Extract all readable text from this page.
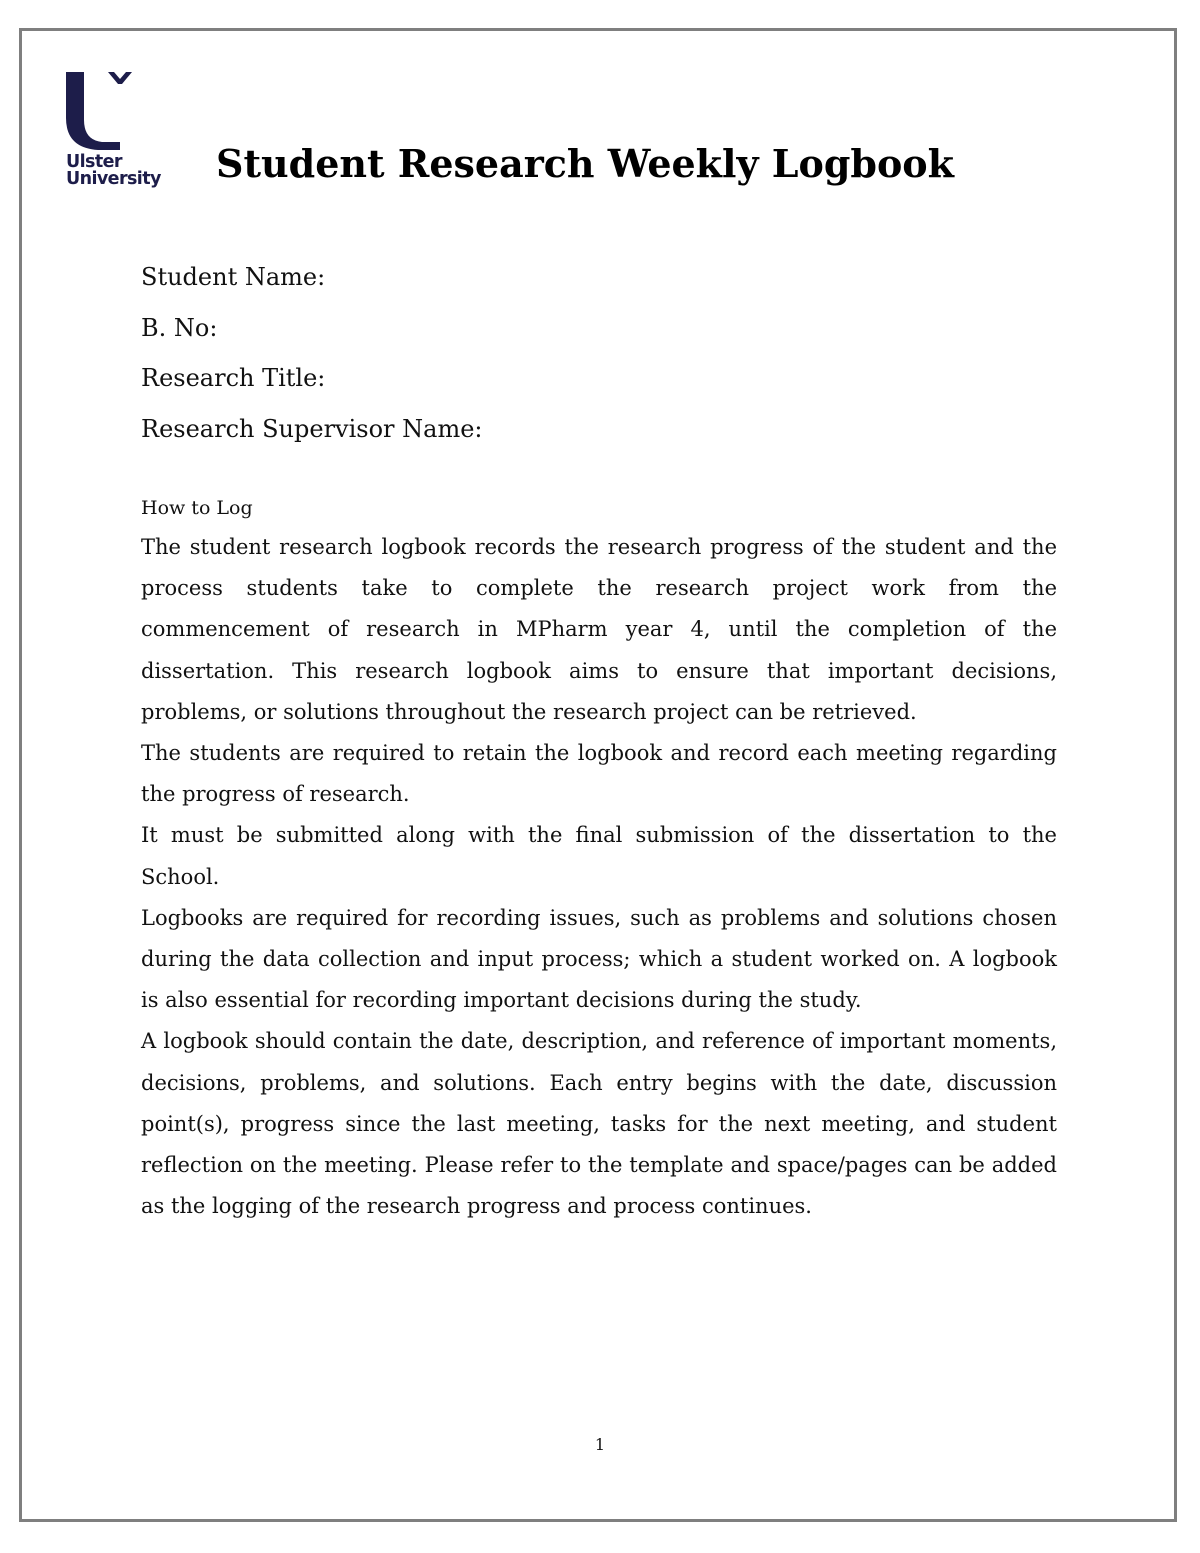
Ulster
University Student Research Weekly Logbook
Student Name:
B. No:
Research Title:
Research Supervisor Name:
How to Log

The student research logbook records the research progress of the student and the process students take to complete the research project work from the commencement of research in MPharm year 4, until the completion of the dissertation. This research logbook aims to ensure that important decisions, problems, or solutions throughout the research project can be retrieved.

The students are required to retain the logbook and record each meeting regarding the progress of research.

It must be submitted along with the final submission of the dissertation to the School.

Logbooks are required for recording issues, such as problems and solutions chosen during the data collection and input process; which a student worked on. A logbook is also essential for recording important decisions during the study.

A logbook should contain the date, description, and reference of important moments, decisions, problems, and solutions. Each entry begins with the date, discussion point(s), progress since the last meeting, tasks for the next meeting, and student reflection on the meeting. Please refer to the template and space/pages can be added as the logging of the research progress and process continues.

1
